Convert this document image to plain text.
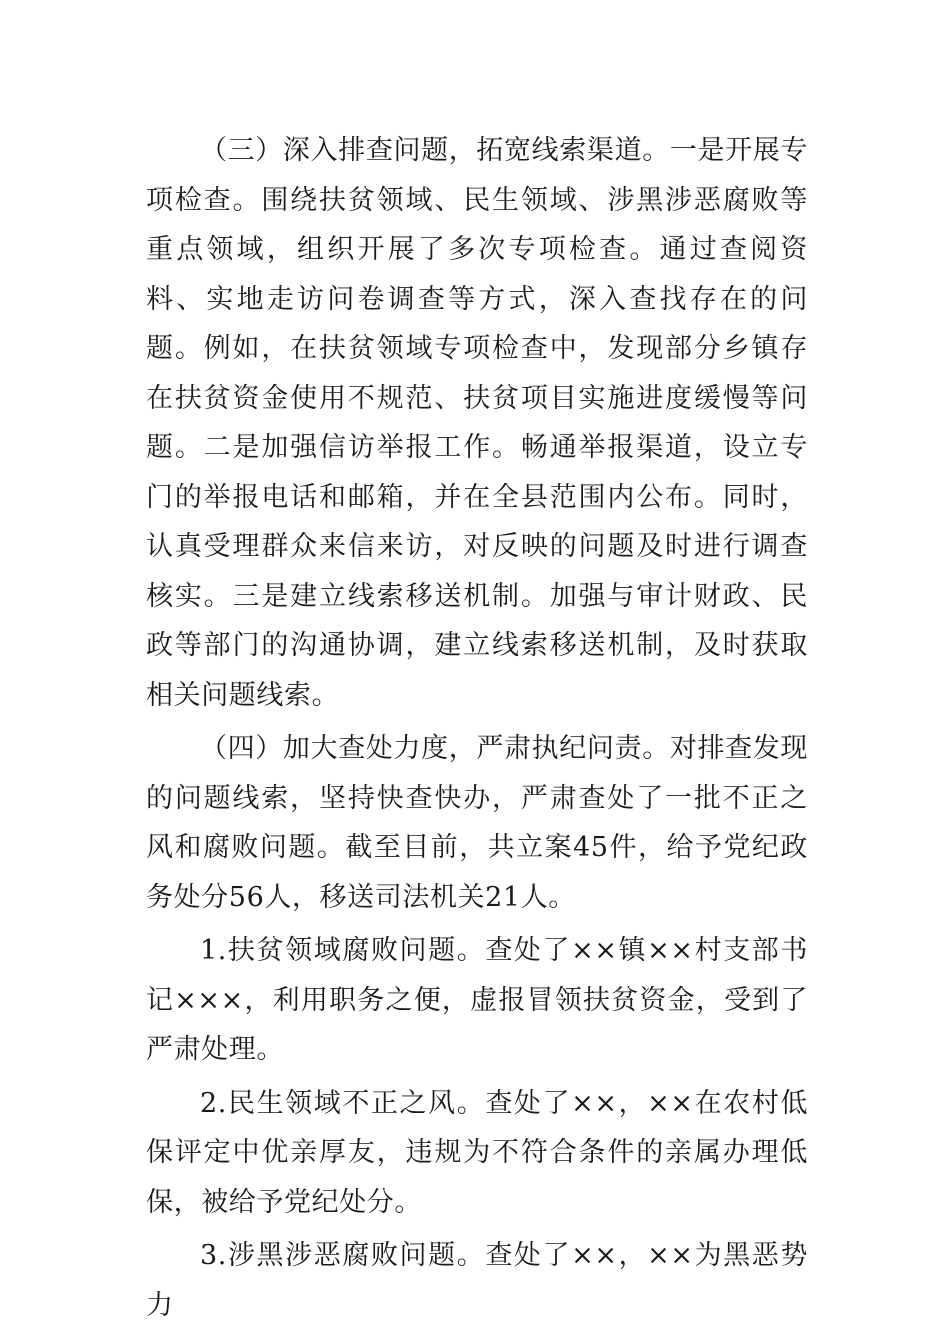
（三）深入排查问题，拓宽线索渠道。一是开展专项检查。围绕扶贫领域、民生领域、涉黑涉恶腐败等重点领域，组织开展了多次专项检查。通过查阅资料、实地走访问卷调查等方式，深入查找存在的问题。例如，在扶贫领域专项检查中，发现部分乡镇存在扶贫资金使用不规范、扶贫项目实施进度缓慢等问题。二是加强信访举报工作。畅通举报渠道，设立专门的举报电话和邮箱，并在全县范围内公布。同时，认真受理群众来信来访，对反映的问题及时进行调查核实。三是建立线索移送机制。加强与审计财政、民政等部门的沟通协调，建立线索移送机制，及时获取相关问题线索。

（四）加大查处力度，严肃执纪问责。对排查发现的问题线索，坚持快查快办，严肃查处了一批不正之风和腐败问题。截至目前，共立案45件，给予党纪政务处分56人，移送司法机关21人。

1.扶贫领域腐败问题。查处了××镇××村支部书记×××，利用职务之便，虚报冒领扶贫资金，受到了严肃处理。

2.民生领域不正之风。查处了××，××在农村低保评定中优亲厚友，违规为不符合条件的亲属办理低保，被给予党纪处分。

3.涉黑涉恶腐败问题。查处了××，××为黑恶势力
